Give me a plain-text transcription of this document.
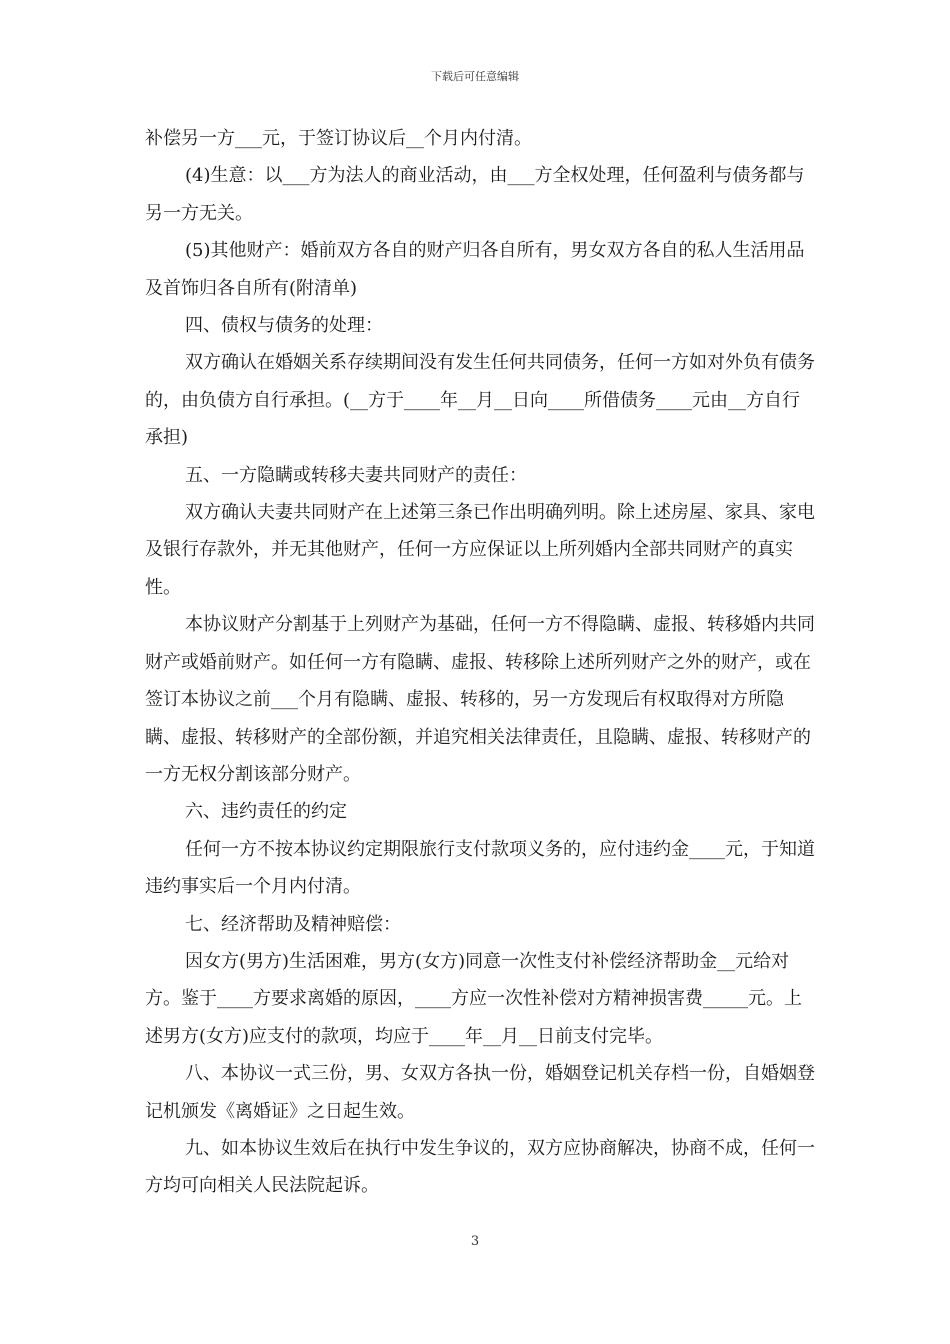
下载后可任意编辑

补偿另一方___元，于签订协议后__个月内付清。

(4)生意：以___方为法人的商业活动，由___方全权处理，任何盈利与债务都与另一方无关。

(5)其他财产：婚前双方各自的财产归各自所有，男女双方各自的私人生活用品及首饰归各自所有(附清单)

四、债权与债务的处理：

双方确认在婚姻关系存续期间没有发生任何共同债务，任何一方如对外负有债务的，由负债方自行承担。(__方于____年__月__日向____所借债务____元由__方自行承担)

五、一方隐瞒或转移夫妻共同财产的责任：

双方确认夫妻共同财产在上述第三条已作出明确列明。除上述房屋、家具、家电及银行存款外，并无其他财产，任何一方应保证以上所列婚内全部共同财产的真实性。

本协议财产分割基于上列财产为基础，任何一方不得隐瞒、虚报、转移婚内共同财产或婚前财产。如任何一方有隐瞒、虚报、转移除上述所列财产之外的财产，或在签订本协议之前___个月有隐瞒、虚报、转移的，另一方发现后有权取得对方所隐瞒、虚报、转移财产的全部份额，并追究相关法律责任，且隐瞒、虚报、转移财产的一方无权分割该部分财产。

六、违约责任的约定

任何一方不按本协议约定期限旅行支付款项义务的，应付违约金____元，于知道违约事实后一个月内付清。

七、经济帮助及精神赔偿：

因女方(男方)生活困难，男方(女方)同意一次性支付补偿经济帮助金__元给对方。鉴于____方要求离婚的原因，____方应一次性补偿对方精神损害费_____元。上述男方(女方)应支付的款项，均应于____年__月__日前支付完毕。

八、本协议一式三份，男、女双方各执一份，婚姻登记机关存档一份，自婚姻登记机颁发《离婚证》之日起生效。

九、如本协议生效后在执行中发生争议的，双方应协商解决，协商不成，任何一方均可向相关人民法院起诉。

3
